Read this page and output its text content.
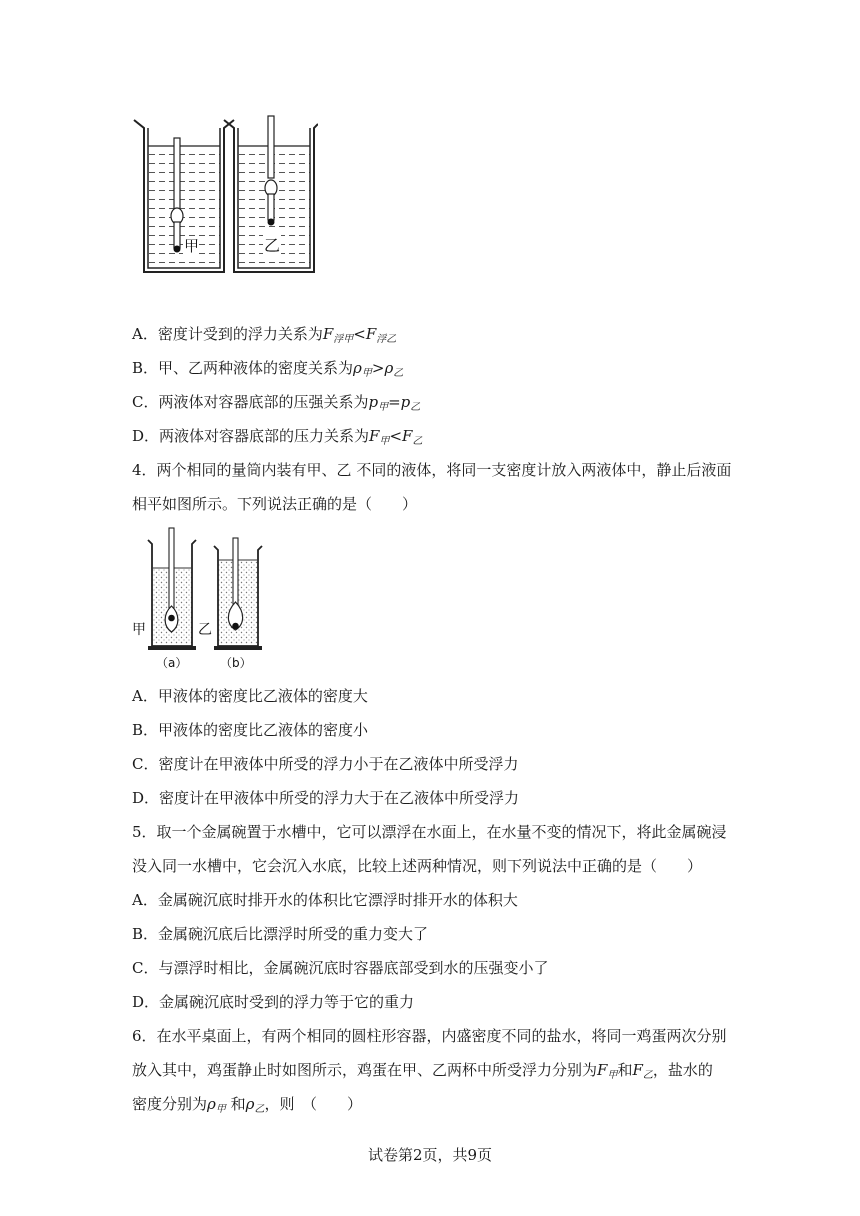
甲	乙
A．密度计受到的浮力关系为$F_{浮甲}<F_{浮乙}$
B．甲、乙两种液体的密度关系为$\rho_甲>\rho_乙$
C．两液体对容器底部的压强关系为$p_甲=p_乙$
D．两液体对容器底部的压力关系为$F_甲<F_乙$
4．两个相同的量筒内装有甲、乙 不同的液体，将同一支密度计放入两液体中，静止后液面
相平如图所示。下列说法正确的是（　　）
甲
（a）
乙
（b）
A．甲液体的密度比乙液体的密度大
B．甲液体的密度比乙液体的密度小
C．密度计在甲液体中所受的浮力小于在乙液体中所受浮力
D．密度计在甲液体中所受的浮力大于在乙液体中所受浮力
5．取一个金属碗置于水槽中，它可以漂浮在水面上，在水量不变的情况下，将此金属碗浸
没入同一水槽中，它会沉入水底，比较上述两种情况，则下列说法中正确的是（　　）
A．金属碗沉底时排开水的体积比它漂浮时排开水的体积大
B．金属碗沉底后比漂浮时所受的重力变大了
C．与漂浮时相比，金属碗沉底时容器底部受到水的压强变小了
D．金属碗沉底时受到的浮力等于它的重力
6．在水平桌面上，有两个相同的圆柱形容器，内盛密度不同的盐水，将同一鸡蛋两次分别
放入其中，鸡蛋静止时如图所示，鸡蛋在甲、乙两杯中所受浮力分别为$F_甲$和$F_乙$，盐水的
密度分别为$\rho_甲$ 和$\rho_乙$，则　（　　）
试卷第2页，共9页
